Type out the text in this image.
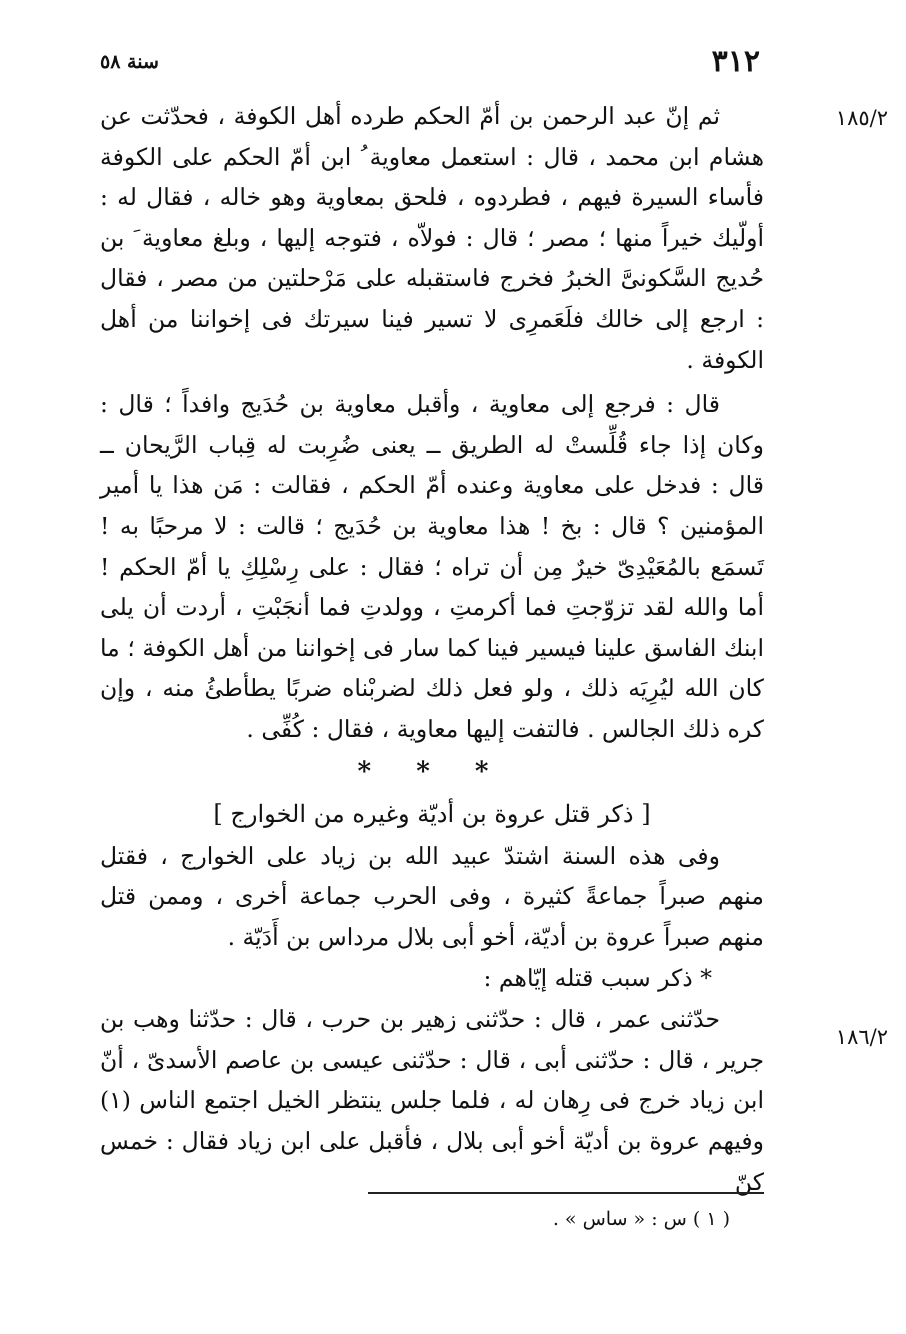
٣١٢
سنة ٥٨
١٨٥/٢
١٨٦/٢

ثم إنّ عبد الرحمن بن أمّ الحكم طرده أهل الكوفة ، فحدّثت عن هشام ابن محمد ، قال : استعمل معاوية ُ ابن أمّ الحكم على الكوفة فأساء السيرة فيهم ، فطردوه ، فلحق بمعاوية وهو خاله ، فقال له : أولّيك خيراً منها ؛ مصر ؛ قال : فولاّه ، فتوجه إليها ، وبلغ معاوية َ بن حُديج السَّكونىَّ الخبرُ فخرج فاستقبله على مَرْحلتين من مصر ، فقال : ارجع إلى خالك فلَعَمرِى لا تسير فينا سيرتك فى إخواننا من أهل الكوفة .

قال : فرجع إلى معاوية ، وأقبل معاوية بن حُدَيج وافداً ؛ قال : وكان إذا جاء قُلِّستْ له الطريق ــ يعنى ضُرِبت له قِباب الرَّيحان ــ قال : فدخل على معاوية وعنده أمّ الحكم ، فقالت : مَن هذا يا أمير المؤمنين ؟ قال : بخ ! هذا معاوية بن حُدَيج ؛ قالت : لا مرحبًا به ! تَسمَع بالمُعَيْدِىّ خيرٌ مِن أن تراه ؛ فقال : على رِسْلِكِ يا أمّ الحكم ! أما والله لقد تزوّجتِ فما أكرمتِ ، وولدتِ فما أنجَبْتِ ، أردت أن يلى ابنك الفاسق علينا فيسير فينا كما سار فى إخواننا من أهل الكوفة ؛ ما كان الله ليُرِيَه ذلك ، ولو فعل ذلك لضربْناه ضربًا يطأطئُ منه ، وإن كره ذلك الجالس . فالتفت إليها معاوية ، فقال : كُفِّى .

* * *

[ ذكر قتل عروة بن أديّة وغيره من الخوارج ]

وفى هذه السنة اشتدّ عبيد الله بن زياد على الخوارج ، فقتل منهم صبراً جماعةً كثيرة ، وفى الحرب جماعة أخرى ، وممن قتل منهم صبراً عروة بن أديّة، أخو أبى بلال مرداس بن أَدَيّة .

* ذكر سبب قتله إيّاهم :

حدّثنى عمر ، قال : حدّثنى زهير بن حرب ، قال : حدّثنا وهب بن جرير ، قال : حدّثنى أبى ، قال : حدّثنى عيسى بن عاصم الأسدىّ ، أنّ ابن زياد خرج فى رِهان له ، فلما جلس ينتظر الخيل اجتمع الناس (١) وفيهم عروة بن أديّة أخو أبى بلال ، فأقبل على ابن زياد فقال : خمس كنّ

( ١ ) س : « ساس » .
